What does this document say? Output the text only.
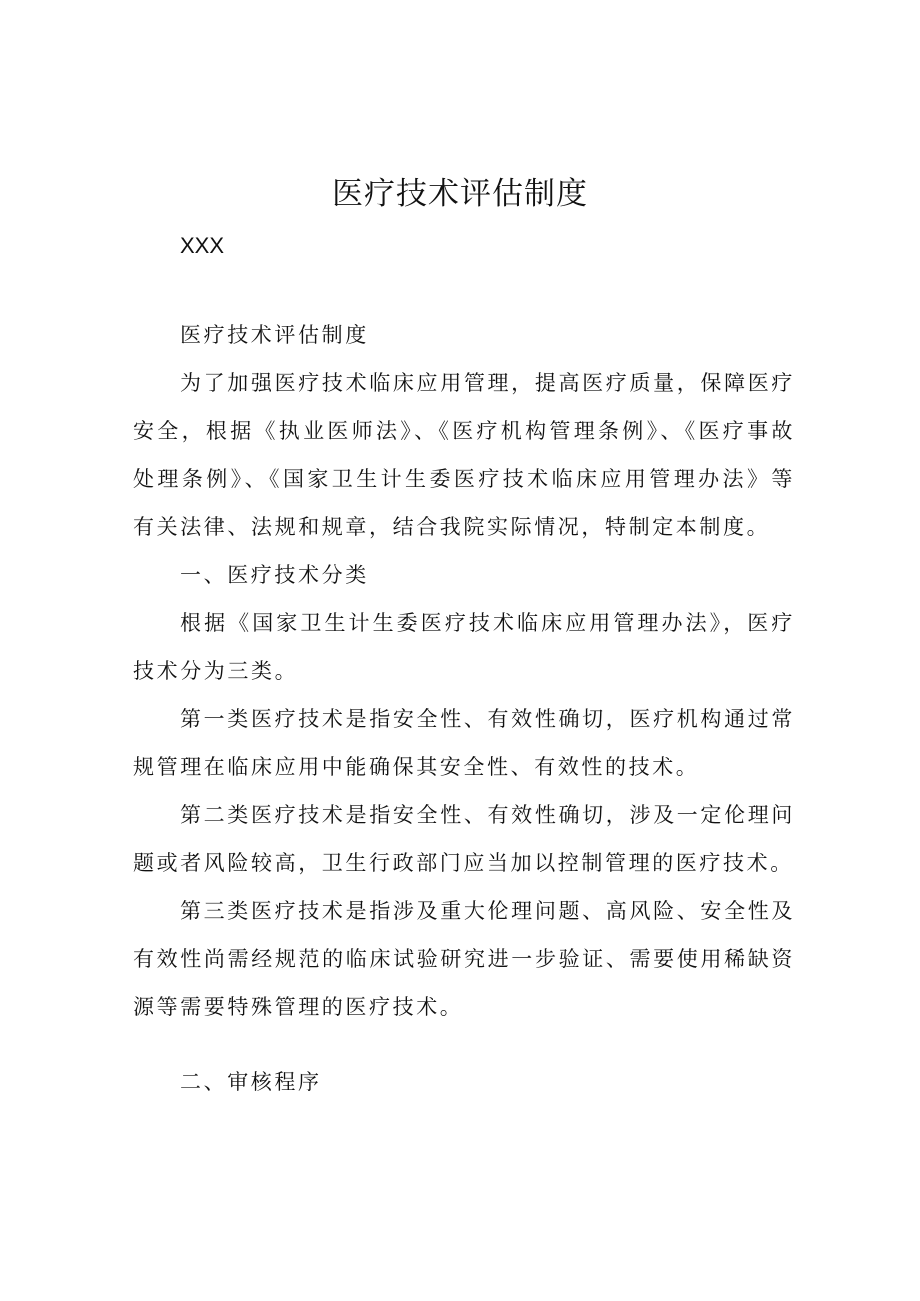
医疗技术评估制度
XXX

医疗技术评估制度

为了加强医疗技术临床应用管理，提高医疗质量，保障医疗安全，根据《执业医师法》、《医疗机构管理条例》、《医疗事故处理条例》、《国家卫生计生委医疗技术临床应用管理办法》等有关法律、法规和规章，结合我院实际情况，特制定本制度。

一、医疗技术分类

根据《国家卫生计生委医疗技术临床应用管理办法》，医疗技术分为三类。

第一类医疗技术是指安全性、有效性确切，医疗机构通过常规管理在临床应用中能确保其安全性、有效性的技术。

第二类医疗技术是指安全性、有效性确切，涉及一定伦理问题或者风险较高，卫生行政部门应当加以控制管理的医疗技术。

第三类医疗技术是指涉及重大伦理问题、高风险、安全性及有效性尚需经规范的临床试验研究进一步验证、需要使用稀缺资源等需要特殊管理的医疗技术。

二、审核程序
